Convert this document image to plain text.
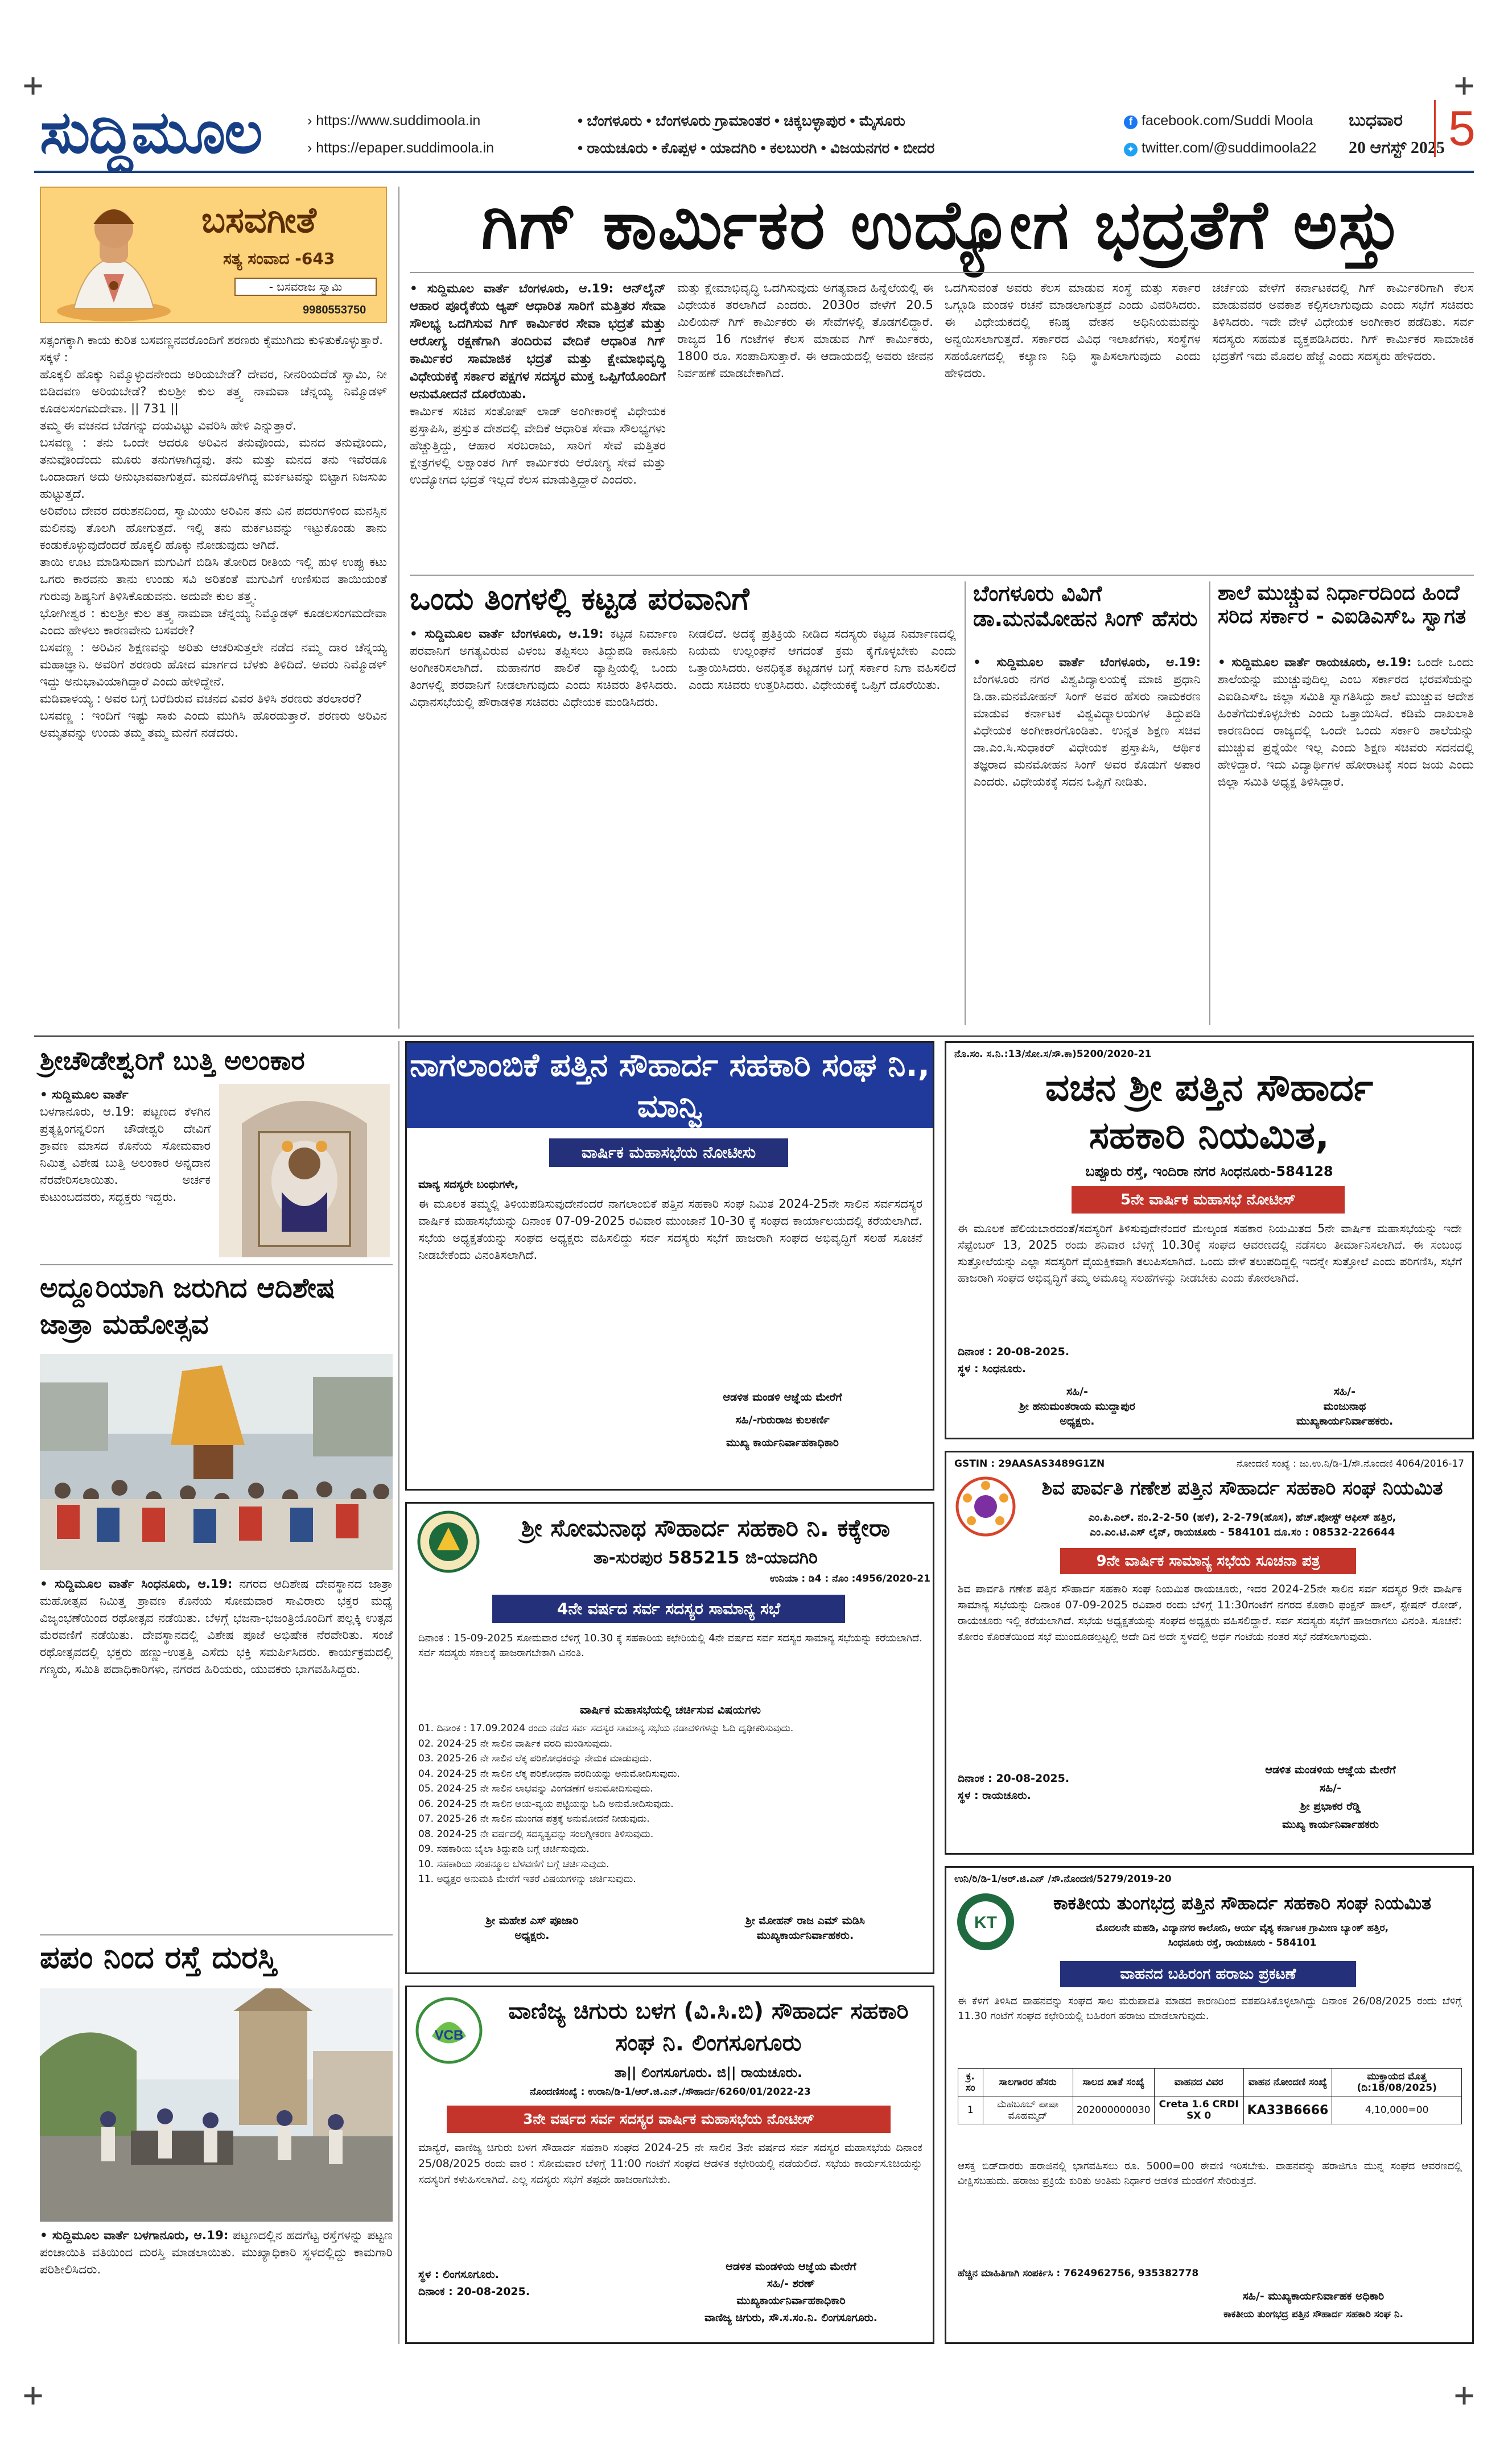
+	+
+	+
ಸುದ್ದಿಮೂಲ	› https://www.suddimoola.in
› https://epaper.suddimoola.in
• ಬೆಂಗಳೂರು • ಬೆಂಗಳೂರು ಗ್ರಾಮಾಂತರ • ಚಿಕ್ಕಬಳ್ಳಾಪುರ • ಮೈಸೂರು
• ರಾಯಚೂರು • ಕೊಪ್ಪಳ • ಯಾದಗಿರಿ • ಕಲಬುರಗಿ • ವಿಜಯನಗರ • ಬೀದರ
f facebook.com/Suddi Moola
✦ twitter.com/@suddimoola22
ಬುಧವಾರ
20 ಆಗಸ್ಟ್ 2025 5
ಬಸವಗೀತೆ
ಸತ್ಯ ಸಂವಾದ -643
- ಬಸವರಾಜ ಸ್ವಾಮಿ
9980553750
ಸತ್ಸಂಗಕ್ಕಾಗಿ ಕಾಯ ಕುರಿತ ಬಸವಣ್ಣನವರೊಂದಿಗೆ ಶರಣರು ಕೈಮುಗಿದು ಕುಳಿತುಕೊಳ್ಳುತ್ತಾರೆ.
ಸಕ್ಕಳೆ :
ಹೊಕ್ಕಲಿ ಹೊಕ್ಕು ನಿಮ್ಮೊಳ್ಳುದನೇಂದು ಅರಿಯಬೇಡೆ? ದೇವರ, ನೀನರಿಯದೆಡೆ ಸ್ವಾಮಿ, ನೀ ಬಿಡಿದವಣ ಅರಿಯಬೇಡೆ? ಕುಲಶ್ರೀ ಕುಲ ತತ್ತ್ವ ನಾಮವಾ ಚೆನ್ನಯ್ಯ ನಿಮ್ಮೊಡಳ್ ಕೂಡಲಸಂಗಮದೇವಾ. || 731 ||
ತಮ್ಮ ಈ ವಚನದ ಬೆಡಗನ್ನು ದಯವಿಟ್ಟು ವಿವರಿಸಿ ಹೇಳಿ ಎನ್ನುತ್ತಾರೆ.
ಬಸವಣ್ಣ : ತನು ಒಂದೇ ಆದರೂ ಅರಿವಿನ ತನುವೊಂದು, ಮನದ ತನುವೊಂದು, ತನುವೊಂದೆಂದು ಮೂರು ತನುಗಳಾಗಿದ್ದವು. ತನು ಮತ್ತು ಮನದ ತನು ಇವೆರಡೂ ಒಂದಾದಾಗ ಅದು ಅನುಭಾವವಾಗುತ್ತದೆ. ಮನದೊಳಗಿದ್ದ ಮರ್ಕಟವನ್ನು ಬಿಟ್ಟಾಗ ನಿಜಸುಖ ಹುಟ್ಟುತ್ತದೆ.
ಅರಿವೆಂಬ ದೇವರ ದರುಶನದಿಂದ, ಸ್ವಾಮಿಯು ಅರಿವಿನ ತನು ವಿನ ಪದರುಗಳಿಂದ ಮನಸ್ಸಿನ ಮಲಿನವು ತೊಲಗಿ ಹೋಗುತ್ತದೆ. ಇಲ್ಲಿ ತನು ಮರ್ಕಟವನ್ನು ಇಟ್ಟುಕೊಂಡು ತಾನು ಕಂಡುಕೊಳ್ಳುವುದೆಂದರೆ ಹೊಕ್ಕಲಿ ಹೊಕ್ಕು ನೋಡುವುದು ಆಗಿದೆ.
ತಾಯಿ ಊಟ ಮಾಡಿಸುವಾಗ ಮಗುವಿಗೆ ಬಿಡಿಸಿ ತೋರಿದ ರೀತಿಯ ಇಲ್ಲಿ ಹುಳ ಉಪ್ಪು ಕಟು ಒಗರು ಕಾರವನು ತಾನು ಉಂಡು ಸವಿ ಅರಿತಂತೆ ಮಗುವಿಗೆ ಉಣಿಸುವ ತಾಯಿಯಂತೆ ಗುರುವು ಶಿಷ್ಯನಿಗೆ ತಿಳಿಸಿಕೊಡುವನು. ಅದುವೇ ಕುಲ ತತ್ತ್ವ.
ಭೋಗೀಶ್ವರ : ಕುಲಶ್ರೀ ಕುಲ ತತ್ತ್ವ ನಾಮವಾ ಚೆನ್ನಯ್ಯ ನಿಮ್ಮೊಡಳ್ ಕೂಡಲಸಂಗಮದೇವಾ ಎಂದು ಹೇಳಲು ಕಾರಣವೇನು ಬಸವರೇ?
ಬಸವಣ್ಣ : ಅರಿವಿನ ಶಿಕ್ಷಣವನ್ನು ಅರಿತು ಆಚರಿಸುತ್ತಲೇ ನಡೆದ ನಮ್ಮ ದಾರ ಚೆನ್ನಯ್ಯ ಮಹಾಜ್ಞಾನಿ. ಅವರಿಗೆ ಶರಣರು ಹೋದ ಮಾರ್ಗದ ಬೆಳಕು ತಿಳಿದಿದೆ. ಅವರು ನಿಮ್ಮೊಡಳ್ ಇದ್ದು ಅನುಭಾವಿಯಾಗಿದ್ದಾರೆ ಎಂದು ಹೇಳಿದ್ದೇನೆ.
ಮಡಿವಾಳಯ್ಯ : ಅವರ ಬಗ್ಗೆ ಬರೆದಿರುವ ವಚನದ ವಿವರ ತಿಳಿಸಿ ಶರಣರು ತರಲಾರರೆ?
ಬಸವಣ್ಣ : ಇಂದಿಗೆ ಇಷ್ಟು ಸಾಕು ಎಂದು ಮುಗಿಸಿ ಹೊರಡುತ್ತಾರೆ. ಶರಣರು ಅರಿವಿನ ಅಮೃತವನ್ನು ಉಂಡು ತಮ್ಮ ತಮ್ಮ ಮನೆಗೆ ನಡೆದರು.
ಗಿಗ್ ಕಾರ್ಮಿಕರ ಉದ್ಯೋಗ ಭದ್ರತೆಗೆ ಅಸ್ತು
• ಸುದ್ದಿಮೂಲ ವಾರ್ತೆ ಬೆಂಗಳೂರು, ಆ.19: ಆನ್‌ಲೈನ್ ಆಹಾರ ಪೂರೈಕೆಯ ಆ್ಯಪ್ ಆಧಾರಿತ ಸಾರಿಗೆ ಮತ್ತಿತರ ಸೇವಾ ಸೌಲಭ್ಯ ಒದಗಿಸುವ ಗಿಗ್ ಕಾರ್ಮಿಕರ ಸೇವಾ ಭದ್ರತೆ ಮತ್ತು ಆರೋಗ್ಯ ರಕ್ಷಣೆಗಾಗಿ ತಂದಿರುವ ವೇದಿಕೆ ಆಧಾರಿತ ಗಿಗ್ ಕಾರ್ಮಿಕರ ಸಾಮಾಜಿಕ ಭದ್ರತೆ ಮತ್ತು ಕ್ಷೇಮಾಭಿವೃದ್ಧಿ ವಿಧೇಯಕಕ್ಕೆ ಸರ್ಕಾರ ಪಕ್ಷಗಳ ಸದಸ್ಯರ ಮುಕ್ತ ಒಪ್ಪಿಗೆಯೊಂದಿಗೆ ಅನುಮೋದನೆ ದೊರೆಯಿತು.
ಕಾರ್ಮಿಕ ಸಚಿವ ಸಂತೋಷ್ ಲಾಡ್ ಅಂಗೀಕಾರಕ್ಕೆ ವಿಧೇಯಕ ಪ್ರಸ್ತಾಪಿಸಿ, ಪ್ರಸ್ತುತ ದೇಶದಲ್ಲಿ ವೇದಿಕೆ ಆಧಾರಿತ ಸೇವಾ ಸೌಲಭ್ಯಗಳು ಹೆಚ್ಚುತ್ತಿದ್ದು, ಆಹಾರ ಸರಬರಾಜು, ಸಾರಿಗೆ ಸೇವೆ ಮತ್ತಿತರ ಕ್ಷೇತ್ರಗಳಲ್ಲಿ ಲಕ್ಷಾಂತರ ಗಿಗ್ ಕಾರ್ಮಿಕರು ಆರೋಗ್ಯ ಸೇವೆ ಮತ್ತು ಉದ್ಯೋಗದ ಭದ್ರತೆ ಇಲ್ಲದೆ ಕೆಲಸ ಮಾಡುತ್ತಿದ್ದಾರೆ ಎಂದರು.
ಮತ್ತು ಕ್ಷೇಮಾಭಿವೃದ್ಧಿ ಒದಗಿಸುವುದು ಅಗತ್ಯವಾದ ಹಿನ್ನೆಲೆಯಲ್ಲಿ ಈ ವಿಧೇಯಕ ತರಲಾಗಿದೆ ಎಂದರು. 2030ರ ವೇಳೆಗೆ 20.5 ಮಿಲಿಯನ್ ಗಿಗ್ ಕಾರ್ಮಿಕರು ಈ ಸೇವೆಗಳಲ್ಲಿ ತೊಡಗಲಿದ್ದಾರೆ. ರಾಜ್ಯದ 16 ಗಂಟೆಗಳ ಕೆಲಸ ಮಾಡುವ ಗಿಗ್ ಕಾರ್ಮಿಕರು, 1800 ರೂ. ಸಂಪಾದಿಸುತ್ತಾರೆ. ಈ ಆದಾಯದಲ್ಲಿ ಅವರು ಜೀವನ ನಿರ್ವಹಣೆ ಮಾಡಬೇಕಾಗಿದೆ.
ಒದಗಿಸುವಂತೆ ಅವರು ಕೆಲಸ ಮಾಡುವ ಸಂಸ್ಥೆ ಮತ್ತು ಸರ್ಕಾರ ಒಗ್ಗೂಡಿ ಮಂಡಳಿ ರಚನೆ ಮಾಡಲಾಗುತ್ತದೆ ಎಂದು ವಿವರಿಸಿದರು. ಈ ವಿಧೇಯಕದಲ್ಲಿ ಕನಿಷ್ಠ ವೇತನ ಅಧಿನಿಯಮವನ್ನು ಅನ್ವಯಿಸಲಾಗುತ್ತದೆ. ಸರ್ಕಾರದ ವಿವಿಧ ಇಲಾಖೆಗಳು, ಸಂಸ್ಥೆಗಳ ಸಹಯೋಗದಲ್ಲಿ ಕಲ್ಯಾಣ ನಿಧಿ ಸ್ಥಾಪಿಸಲಾಗುವುದು ಎಂದು ಹೇಳಿದರು.
ಚರ್ಚೆಯ ವೇಳೆಗೆ ಕರ್ನಾಟಕದಲ್ಲಿ ಗಿಗ್ ಕಾರ್ಮಿಕರಿಗಾಗಿ ಕೆಲಸ ಮಾಡುವವರ ಅವಕಾಶ ಕಲ್ಪಿಸಲಾಗುವುದು ಎಂದು ಸಭೆಗೆ ಸಚಿವರು ತಿಳಿಸಿದರು. ಇದೇ ವೇಳೆ ವಿಧೇಯಕ ಅಂಗೀಕಾರ ಪಡೆದಿತು. ಸರ್ವ ಸದಸ್ಯರು ಸಹಮತ ವ್ಯಕ್ತಪಡಿಸಿದರು. ಗಿಗ್ ಕಾರ್ಮಿಕರ ಸಾಮಾಜಿಕ ಭದ್ರತೆಗೆ ಇದು ಮೊದಲ ಹೆಜ್ಜೆ ಎಂದು ಸದಸ್ಯರು ಹೇಳಿದರು.
ಒಂದು ತಿಂಗಳಲ್ಲಿ ಕಟ್ಟಡ ಪರವಾನಿಗೆ
• ಸುದ್ದಿಮೂಲ ವಾರ್ತೆ ಬೆಂಗಳೂರು, ಆ.19: ಕಟ್ಟಡ ನಿರ್ಮಾಣ ಪರವಾನಿಗೆ ಅಗತ್ಯವಿರುವ ವಿಳಂಬ ತಪ್ಪಿಸಲು ತಿದ್ದುಪಡಿ ಕಾನೂನು ಅಂಗೀಕರಿಸಲಾಗಿದೆ. ಮಹಾನಗರ ಪಾಲಿಕೆ ವ್ಯಾಪ್ತಿಯಲ್ಲಿ ಒಂದು ತಿಂಗಳಲ್ಲಿ ಪರವಾನಿಗೆ ನೀಡಲಾಗುವುದು ಎಂದು ಸಚಿವರು ತಿಳಿಸಿದರು. ವಿಧಾನಸಭೆಯಲ್ಲಿ ಪೌರಾಡಳಿತ ಸಚಿವರು ವಿಧೇಯಕ ಮಂಡಿಸಿದರು.
ನೀಡಲಿದೆ. ಅದಕ್ಕೆ ಪ್ರತಿಕ್ರಿಯೆ ನೀಡಿದ ಸದಸ್ಯರು ಕಟ್ಟಡ ನಿರ್ಮಾಣದಲ್ಲಿ ನಿಯಮ ಉಲ್ಲಂಘನೆ ಆಗದಂತೆ ಕ್ರಮ ಕೈಗೊಳ್ಳಬೇಕು ಎಂದು ಒತ್ತಾಯಿಸಿದರು. ಅನಧಿಕೃತ ಕಟ್ಟಡಗಳ ಬಗ್ಗೆ ಸರ್ಕಾರ ನಿಗಾ ವಹಿಸಲಿದೆ ಎಂದು ಸಚಿವರು ಉತ್ತರಿಸಿದರು. ವಿಧೇಯಕಕ್ಕೆ ಒಪ್ಪಿಗೆ ದೊರೆಯಿತು.
ಬೆಂಗಳೂರು ವಿವಿಗೆ ಡಾ.ಮನಮೋಹನ ಸಿಂಗ್ ಹೆಸರು
• ಸುದ್ದಿಮೂಲ ವಾರ್ತೆ ಬೆಂಗಳೂರು, ಆ.19: ಬೆಂಗಳೂರು ನಗರ ವಿಶ್ವವಿದ್ಯಾಲಯಕ್ಕೆ ಮಾಜಿ ಪ್ರಧಾನಿ ಡಿ.ಡಾ.ಮನಮೋಹನ್ ಸಿಂಗ್ ಅವರ ಹೆಸರು ನಾಮಕರಣ ಮಾಡುವ ಕರ್ನಾಟಕ ವಿಶ್ವವಿದ್ಯಾಲಯಗಳ ತಿದ್ದುಪಡಿ ವಿಧೇಯಕ ಅಂಗೀಕಾರಗೊಂಡಿತು. ಉನ್ನತ ಶಿಕ್ಷಣ ಸಚಿವ ಡಾ.ಎಂ.ಸಿ.ಸುಧಾಕರ್ ವಿಧೇಯಕ ಪ್ರಸ್ತಾಪಿಸಿ, ಆರ್ಥಿಕ ತಜ್ಞರಾದ ಮನಮೋಹನ ಸಿಂಗ್ ಅವರ ಕೊಡುಗೆ ಅಪಾರ ಎಂದರು. ವಿಧೇಯಕಕ್ಕೆ ಸದನ ಒಪ್ಪಿಗೆ ನೀಡಿತು.
ಶಾಲೆ ಮುಚ್ಚುವ ನಿರ್ಧಾರದಿಂದ ಹಿಂದೆ ಸರಿದ ಸರ್ಕಾರ - ಎಐಡಿಎಸ್ಒ ಸ್ವಾಗತ
• ಸುದ್ದಿಮೂಲ ವಾರ್ತೆ ರಾಯಚೂರು, ಆ.19: ಒಂದೇ ಒಂದು ಶಾಲೆಯನ್ನು ಮುಚ್ಚುವುದಿಲ್ಲ ಎಂಬ ಸರ್ಕಾರದ ಭರವಸೆಯನ್ನು ಎಐಡಿಎಸ್ಒ ಜಿಲ್ಲಾ ಸಮಿತಿ ಸ್ವಾಗತಿಸಿದ್ದು ಶಾಲೆ ಮುಚ್ಚುವ ಆದೇಶ ಹಿಂತೆಗೆದುಕೊಳ್ಳಬೇಕು ಎಂದು ಒತ್ತಾಯಿಸಿದೆ. ಕಡಿಮೆ ದಾಖಲಾತಿ ಕಾರಣದಿಂದ ರಾಜ್ಯದಲ್ಲಿ ಒಂದೇ ಒಂದು ಸರ್ಕಾರಿ ಶಾಲೆಯನ್ನು ಮುಚ್ಚುವ ಪ್ರಶ್ನೆಯೇ ಇಲ್ಲ ಎಂದು ಶಿಕ್ಷಣ ಸಚಿವರು ಸದನದಲ್ಲಿ ಹೇಳಿದ್ದಾರೆ. ಇದು ವಿದ್ಯಾರ್ಥಿಗಳ ಹೋರಾಟಕ್ಕೆ ಸಂದ ಜಯ ಎಂದು ಜಿಲ್ಲಾ ಸಮಿತಿ ಅಧ್ಯಕ್ಷ ತಿಳಿಸಿದ್ದಾರೆ.
ಶ್ರೀಚೌಡೇಶ್ವರಿಗೆ ಬುತ್ತಿ ಅಲಂಕಾರ
• ಸುದ್ದಿಮೂಲ ವಾರ್ತೆ
ಬಳಗಾನೂರು, ಆ.19: ಪಟ್ಟಣದ ಕೆಳಗಿನ ಪ್ರತ್ಯಕ್ಷಿಂಗನ್ನಲಿಂಗ ಚೌಡೇಶ್ವರಿ ದೇವಿಗೆ ಶ್ರಾವಣ ಮಾಸದ ಕೊನೆಯ ಸೋಮವಾರ ನಿಮಿತ್ತ ವಿಶೇಷ ಬುತ್ತಿ ಅಲಂಕಾರ ಅನ್ನದಾನ ನೆರವೇರಿಸಲಾಯಿತು. ಅರ್ಚಕ ಕುಟುಂಬದವರು, ಸದ್ಭಕ್ತರು ಇದ್ದರು.
ಅದ್ದೂರಿಯಾಗಿ ಜರುಗಿದ ಆದಿಶೇಷ ಜಾತ್ರಾ ಮಹೋತ್ಸವ
• ಸುದ್ದಿಮೂಲ ವಾರ್ತೆ ಸಿಂಧನೂರು, ಆ.19: ನಗರದ ಆದಿಶೇಷ ದೇವಸ್ಥಾನದ ಜಾತ್ರಾ ಮಹೋತ್ಸವ ನಿಮಿತ್ತ ಶ್ರಾವಣ ಕೊನೆಯ ಸೋಮವಾರ ಸಾವಿರಾರು ಭಕ್ತರ ಮಧ್ಯೆ ವಿಜೃಂಭಣೆಯಿಂದ ರಥೋತ್ಸವ ನಡೆಯಿತು. ಬೆಳಗ್ಗೆ ಭಜನಾ-ಭಜಂತ್ರಿಯೊಂದಿಗೆ ಪಲ್ಲಕ್ಕಿ ಉತ್ಸವ ಮೆರವಣಿಗೆ ನಡೆಯಿತು. ದೇವಸ್ಥಾನದಲ್ಲಿ ವಿಶೇಷ ಪೂಜೆ ಅಭಿಷೇಕ ನೆರವೇರಿತು. ಸಂಜೆ ರಥೋತ್ಸವದಲ್ಲಿ ಭಕ್ತರು ಹಣ್ಣು-ಉತ್ತತ್ತಿ ಎಸೆದು ಭಕ್ತಿ ಸಮರ್ಪಿಸಿದರು. ಕಾರ್ಯಕ್ರಮದಲ್ಲಿ ಗಣ್ಯರು, ಸಮಿತಿ ಪದಾಧಿಕಾರಿಗಳು, ನಗರದ ಹಿರಿಯರು, ಯುವಕರು ಭಾಗವಹಿಸಿದ್ದರು.
ಪಪಂ ನಿಂದ ರಸ್ತೆ ದುರಸ್ತಿ
• ಸುದ್ದಿಮೂಲ ವಾರ್ತೆ ಬಳಗಾನೂರು, ಆ.19: ಪಟ್ಟಣದಲ್ಲಿನ ಹದಗೆಟ್ಟ ರಸ್ತೆಗಳನ್ನು ಪಟ್ಟಣ ಪಂಚಾಯಿತಿ ವತಿಯಿಂದ ದುರಸ್ತಿ ಮಾಡಲಾಯಿತು. ಮುಖ್ಯಾಧಿಕಾರಿ ಸ್ಥಳದಲ್ಲಿದ್ದು ಕಾಮಗಾರಿ ಪರಿಶೀಲಿಸಿದರು.
ನಾಗಲಾಂಬಿಕೆ ಪತ್ತಿನ ಸೌಹಾರ್ದ ಸಹಕಾರಿ ಸಂಘ ನಿ., ಮಾನ್ವಿ
ವಾರ್ಷಿಕ ಮಹಾಸಭೆಯ ನೋಟೀಸು
ಮಾನ್ಯ ಸದಸ್ಯರೇ ಬಂಧುಗಳೇ,
ಈ ಮೂಲಕ ತಮ್ಮಲ್ಲಿ ತಿಳಿಯಪಡಿಸುವುದೇನೆಂದರೆ ನಾಗಲಾಂಬಿಕೆ ಪತ್ತಿನ ಸಹಕಾರಿ ಸಂಘ ನಿಮಿತ 2024-25ನೇ ಸಾಲಿನ ಸರ್ವಸದಸ್ಯರ ವಾರ್ಷಿಕ ಮಹಾಸಭೆಯನ್ನು ದಿನಾಂಕ 07-09-2025 ರವಿವಾರ ಮುಂಜಾನೆ 10-30 ಕ್ಕೆ ಸಂಘದ ಕಾರ್ಯಾಲಯದಲ್ಲಿ ಕರೆಯಲಾಗಿದೆ. ಸಭೆಯ ಅಧ್ಯಕ್ಷತೆಯನ್ನು ಸಂಘದ ಅಧ್ಯಕ್ಷರು ವಹಿಸಲಿದ್ದು ಸರ್ವ ಸದಸ್ಯರು ಸಭೆಗೆ ಹಾಜರಾಗಿ ಸಂಘದ ಅಭಿವೃದ್ಧಿಗೆ ಸಲಹೆ ಸೂಚನೆ ನೀಡಬೇಕೆಂದು ವಿನಂತಿಸಲಾಗಿದೆ.
ಆಡಳಿತ ಮಂಡಳಿ ಆಜ್ಞೆಯ ಮೇರೆಗೆ
ಸಹಿ/-ಗುರುರಾಜ ಕುಲಕರ್ಣಿ
ಮುಖ್ಯ ಕಾರ್ಯನಿರ್ವಾಹಕಾಧಿಕಾರಿ
ಶ್ರೀ ಸೋಮನಾಥ ಸೌಹಾರ್ದ ಸಹಕಾರಿ ನಿ. ಕಕ್ಕೇರಾ
ತಾ-ಸುರಪುರ 585215 ಜಿ-ಯಾದಗಿರಿ
ಉನಿಯಾ : ಡಿ4 : ನೊಂ :4956/2020-21
4ನೇ ವರ್ಷದ ಸರ್ವ ಸದಸ್ಯರ ಸಾಮಾನ್ಯ ಸಭೆ
ದಿನಾಂಕ : 15-09-2025 ಸೋಮವಾರ ಬೆಳಿಗ್ಗೆ 10.30 ಕ್ಕೆ ಸಹಕಾರಿಯ ಕಛೇರಿಯಲ್ಲಿ 4ನೇ ವರ್ಷದ ಸರ್ವ ಸದಸ್ಯರ ಸಾಮಾನ್ಯ ಸಭೆಯನ್ನು ಕರೆಯಲಾಗಿದೆ. ಸರ್ವ ಸದಸ್ಯರು ಸಕಾಲಕ್ಕೆ ಹಾಜರಾಗಬೇಕಾಗಿ ವಿನಂತಿ.
ವಾರ್ಷಿಕ ಮಹಾಸಭೆಯಲ್ಲಿ ಚರ್ಚಿಸುವ ವಿಷಯಗಳು
01. ದಿನಾಂಕ : 17.09.2024 ರಂದು ನಡೆದ ಸರ್ವ ಸದಸ್ಯರ ಸಾಮಾನ್ಯ ಸಭೆಯ ನಡಾವಳಿಗಳನ್ನು ಓದಿ ದೃಢೀಕರಿಸುವುದು.
02. 2024-25 ನೇ ಸಾಲಿನ ವಾರ್ಷಿಕ ವರದಿ ಮಂಡಿಸುವುದು.
03. 2025-26 ನೇ ಸಾಲಿನ ಲೆಕ್ಕ ಪರಿಶೋಧಕರನ್ನು ನೇಮಕ ಮಾಡುವುದು.
04. 2024-25 ನೇ ಸಾಲಿನ ಲೆಕ್ಕ ಪರಿಶೋಧನಾ ವರದಿಯನ್ನು ಅನುಮೋದಿಸುವುದು.
05. 2024-25 ನೇ ಸಾಲಿನ ಲಾಭವನ್ನು ವಿಂಗಡಣೆಗೆ ಅನುಮೋದಿಸುವುದು.
06. 2024-25 ನೇ ಸಾಲಿನ ಆಯ-ವ್ಯಯ ಪಟ್ಟಿಯನ್ನು ಓದಿ ಅನುಮೋದಿಸುವುದು.
07. 2025-26 ನೇ ಸಾಲಿನ ಮುಂಗಡ ಪತ್ರಕ್ಕೆ ಅನುಮೋದನೆ ನೀಡುವುದು.
08. 2024-25 ನೇ ವರ್ಷದಲ್ಲಿ ಸದಸ್ಯತ್ವವನ್ನು ಸಂಲಗ್ನೀಕರಣ ತಿಳಿಸುವುದು.
09. ಸಹಕಾರಿಯ ಬೈಲಾ ತಿದ್ದುಪಡಿ ಬಗ್ಗೆ ಚರ್ಚಿಸುವುದು.
10. ಸಹಕಾರಿಯ ಸಂಪನ್ಮೂಲ ಬೆಳವಣಿಗೆ ಬಗ್ಗೆ ಚರ್ಚಿಸುವುದು.
11. ಅಧ್ಯಕ್ಷರ ಅನುಮತಿ ಮೇರೆಗೆ ಇತರೆ ವಿಷಯಗಳನ್ನು ಚರ್ಚಿಸುವುದು.
ಶ್ರೀ ಮಹೇಶ ಎಸ್ ಪೂಜಾರಿ
ಅಧ್ಯಕ್ಷರು.
ಶ್ರೀ ಮೋಹನ್ ರಾಜ ಎಮ್ ಮಡಿಸಿ
ಮುಖ್ಯಕಾರ್ಯನಿರ್ವಾಹಕರು.
VCB
ವಾಣಿಜ್ಯ ಚಿಗುರು ಬಳಗ (ವಿ.ಸಿ.ಬಿ) ಸೌಹಾರ್ದ ಸಹಕಾರಿ ಸಂಘ ನಿ. ಲಿಂಗಸೂಗೂರು
ತಾ|| ಲಿಂಗಸೂಗೂರು. ಜಿ|| ರಾಯಚೂರು.
ನೊಂದಣಿಸಂಖ್ಯೆ : ಉರಾನಿ/ಡಿ-1/ಆರ್.ಜಿ.ಎನ್./ಸೌಹಾರ್ದ/6260/01/2022-23
3ನೇ ವರ್ಷದ ಸರ್ವ ಸದಸ್ಯರ ವಾರ್ಷಿಕ ಮಹಾಸಭೆಯ ನೋಟೀಸ್
ಮಾನ್ಯರೆ, ವಾಣಿಜ್ಯ ಚಿಗುರು ಬಳಗ ಸೌಹಾರ್ದ ಸಹಕಾರಿ ಸಂಘದ 2024-25 ನೇ ಸಾಲಿನ 3ನೇ ವರ್ಷದ ಸರ್ವ ಸದಸ್ಯರ ಮಹಾಸಭೆಯ ದಿನಾಂಕ 25/08/2025 ರಂದು ವಾರ : ಸೋಮವಾರ ಬೆಳಿಗ್ಗೆ 11:00 ಗಂಟೆಗೆ ಸಂಘದ ಆಡಳಿತ ಕಛೇರಿಯಲ್ಲಿ ನಡೆಯಲಿದೆ. ಸಭೆಯ ಕಾರ್ಯಸೂಚಿಯನ್ನು ಸದಸ್ಯರಿಗೆ ಕಳುಹಿಸಲಾಗಿದೆ. ಎಲ್ಲ ಸದಸ್ಯರು ಸಭೆಗೆ ತಪ್ಪದೇ ಹಾಜರಾಗಬೇಕು.
ಸ್ಥಳ : ಲಿಂಗಸೂಗೂರು.
ದಿನಾಂಕ : 20-08-2025.
ಆಡಳಿತ ಮಂಡಳಿಯ ಆಜ್ಞೆಯ ಮೇರೆಗೆ
ಸಹಿ/- ಶರಣ್
ಮುಖ್ಯಕಾರ್ಯನಿರ್ವಾಹಕಾಧಿಕಾರಿ
ವಾಣಿಜ್ಯ ಚಿಗುರು, ಸೌ.ಸ.ಸಂ.ನಿ. ಲಿಂಗಸೂಗೂರು.
ನೊ.ಸಂ. ಸ.ನಿ.:13/ಸೋ.ಸ/ಸೌ.ಕಾ)5200/2020-21
ವಚನ ಶ್ರೀ ಪತ್ತಿನ ಸೌಹಾರ್ದ
ಸಹಕಾರಿ ನಿಯಮಿತ,
ಬಪ್ಪೂರು ರಸ್ತೆ, ಇಂದಿರಾ ನಗರ ಸಿಂಧನೂರು-584128
5ನೇ ವಾರ್ಷಿಕ ಮಹಾಸಭೆ ನೋಟೀಸ್
ಈ ಮೂಲಕ ಹೆಲಿಯಬಾರದಂತೆ/ಸದಸ್ಯರಿಗೆ ತಿಳಿಸುವುದೇನೆಂದರೆ ಮೇಲ್ಕಂಡ ಸಹಕಾರ ನಿಯಮಿತದ 5ನೇ ವಾರ್ಷಿಕ ಮಹಾಸಭೆಯನ್ನು ಇದೇ ಸೆಪ್ಟೆಂಬರ್ 13, 2025 ರಂದು ಶನಿವಾರ ಬೆಳಿಗ್ಗೆ 10.30ಕ್ಕೆ ಸಂಘದ ಆವರಣದಲ್ಲಿ ನಡೆಸಲು ತೀರ್ಮಾನಿಸಲಾಗಿದೆ. ಈ ಸಂಬಂಧ ಸುತ್ತೋಲೆಯನ್ನು ಎಲ್ಲಾ ಸದಸ್ಯರಿಗೆ ವೈಯಕ್ತಿಕವಾಗಿ ತಲುಪಿಸಲಾಗಿದೆ. ಒಂದು ವೇಳೆ ತಲುಪದಿದ್ದಲ್ಲಿ ಇದನ್ನೇ ಸುತ್ತೋಲೆ ಎಂದು ಪರಿಗಣಿಸಿ, ಸಭೆಗೆ ಹಾಜರಾಗಿ ಸಂಘದ ಅಭಿವೃದ್ಧಿಗೆ ತಮ್ಮ ಅಮೂಲ್ಯ ಸಲಹೆಗಳನ್ನು ನೀಡಬೇಕು ಎಂದು ಕೋರಲಾಗಿದೆ.
ದಿನಾಂಕ : 20-08-2025.
ಸ್ಥಳ : ಸಿಂಧನೂರು.
ಸಹಿ/-
ಶ್ರೀ ಹನುಮಂತರಾಯ ಮುದ್ದಾಪುರ
ಅಧ್ಯಕ್ಷರು.
ಸಹಿ/-
ಮಂಜುನಾಥ
ಮುಖ್ಯಕಾರ್ಯನಿರ್ವಾಹಕರು.
GSTIN : 29AASAS3489G1ZN	ನೋಂದಣಿ ಸಂಖ್ಯೆ : ಜು.ಉ.ನಿ/ಡಿ-1/ಸೌ.ನೊಂದಣಿ 4064/2016-17
ಶಿವ ಪಾರ್ವತಿ ಗಣೇಶ ಪತ್ತಿನ ಸೌಹಾರ್ದ ಸಹಕಾರಿ ಸಂಘ ನಿಯಮಿತ
ಎಂ.ಪಿ.ಎಲ್. ನಂ.2-2-50 (ಹಳೆ), 2-2-79(ಹೊಸ), ಹೆಚ್.ಪೋಸ್ಟ್ ಆಫೀಸ್ ಹತ್ತಿರ,
ಎಂ.ಎಂ.ಟಿ.ಎಸ್ ಲೈನ್, ರಾಯಚೂರು - 584101 ದೂ.ಸಂ : 08532-226644
9ನೇ ವಾರ್ಷಿಕ ಸಾಮಾನ್ಯ ಸಭೆಯ ಸೂಚನಾ ಪತ್ರ
ಶಿವ ಪಾರ್ವತಿ ಗಣೇಶ ಪತ್ತಿನ ಸೌಹಾರ್ದ ಸಹಕಾರಿ ಸಂಘ ನಿಯಮಿತ ರಾಯಚೂರು, ಇದರ 2024-25ನೇ ಸಾಲಿನ ಸರ್ವ ಸದಸ್ಯರ 9ನೇ ವಾರ್ಷಿಕ ಸಾಮಾನ್ಯ ಸಭೆಯನ್ನು ದಿನಾಂಕ 07-09-2025 ರವಿವಾರ ರಂದು ಬೆಳಿಗ್ಗೆ 11:30ಗಂಟೆಗೆ ನಗರದ ಕೊಠಾರಿ ಫಂಕ್ಷನ್ ಹಾಲ್, ಸ್ಟೇಷನ್ ರೋಡ್, ರಾಯಚೂರು ಇಲ್ಲಿ ಕರೆಯಲಾಗಿದೆ. ಸಭೆಯ ಅಧ್ಯಕ್ಷತೆಯನ್ನು ಸಂಘದ ಅಧ್ಯಕ್ಷರು ವಹಿಸಲಿದ್ದಾರೆ. ಸರ್ವ ಸದಸ್ಯರು ಸಭೆಗೆ ಹಾಜರಾಗಲು ವಿನಂತಿ. ಸೂಚನೆ: ಕೋರಂ ಕೊರತೆಯಿಂದ ಸಭೆ ಮುಂದೂಡಲ್ಪಟ್ಟಲ್ಲಿ ಅದೇ ದಿನ ಅದೇ ಸ್ಥಳದಲ್ಲಿ ಅರ್ಧ ಗಂಟೆಯ ನಂತರ ಸಭೆ ನಡೆಸಲಾಗುವುದು.
ದಿನಾಂಕ : 20-08-2025.
ಸ್ಥಳ : ರಾಯಚೂರು.
ಆಡಳಿತ ಮಂಡಳಿಯ ಆಜ್ಞೆಯ ಮೇರೆಗೆ
ಸಹಿ/-
ಶ್ರೀ ಪ್ರಭಾಕರ ರೆಡ್ಡಿ
ಮುಖ್ಯ ಕಾರ್ಯನಿರ್ವಾಹಕರು
ಉನಿ/ರಿ/ಡಿ-1/ಆರ್.ಜಿ.ಎನ್ /ಸೌ.ನೊಂದಣಿ/5279/2019-20
KT
ಕಾಕತೀಯ ತುಂಗಭದ್ರ ಪತ್ತಿನ ಸೌಹಾರ್ದ ಸಹಕಾರಿ ಸಂಘ ನಿಯಮಿತ
ಮೊದಲನೇ ಮಹಡಿ, ವಿದ್ಯಾನಗರ ಕಾಲೋನಿ, ಆರ್ಯ ವೈಶ್ಯ ಕರ್ನಾಟಕ ಗ್ರಾಮೀಣ ಬ್ಯಾಂಕ್ ಹತ್ತಿರ,
ಸಿಂಧನೂರು ರಸ್ತೆ, ರಾಯಚೂರು - 584101
ವಾಹನದ ಬಹಿರಂಗ ಹರಾಜು ಪ್ರಕಟಣೆ
ಈ ಕೆಳಗೆ ತಿಳಿಸಿದ ವಾಹನವನ್ನು ಸಂಘದ ಸಾಲ ಮರುಪಾವತಿ ಮಾಡದ ಕಾರಣದಿಂದ ವಶಪಡಿಸಿಕೊಳ್ಳಲಾಗಿದ್ದು ದಿನಾಂಕ 26/08/2025 ರಂದು ಬೆಳಿಗ್ಗೆ 11.30 ಗಂಟೆಗೆ ಸಂಘದ ಕಛೇರಿಯಲ್ಲಿ ಬಹಿರಂಗ ಹರಾಜು ಮಾಡಲಾಗುವುದು.
ಕ್ರ. ಸಂ	ಸಾಲಗಾರರ ಹೆಸರು	ಸಾಲದ ಖಾತೆ ಸಂಖ್ಯೆ	ವಾಹನದ ವಿವರ	ವಾಹನ ನೋಂದಣಿ ಸಂಖ್ಯೆ	ಮುಕ್ತಾಯದ ಮೊತ್ತ (ದಿ:18/08/2025)
1	ಮೆಹಬೂಬ್ ಪಾಷಾ ಮೊಹಮ್ಮದ್	202000000030	Creta 1.6 CRDI SX 0	KA33B6666	4,10,000=00
ಆಸಕ್ತ ಬಿಡ್‌ದಾರರು ಹರಾಜಿನಲ್ಲಿ ಭಾಗವಹಿಸಲು ರೂ. 5000=00 ಠೇವಣಿ ಇರಿಸಬೇಕು. ವಾಹನವನ್ನು ಹರಾಜಿಗೂ ಮುನ್ನ ಸಂಘದ ಆವರಣದಲ್ಲಿ ವೀಕ್ಷಿಸಬಹುದು. ಹರಾಜು ಪ್ರಕ್ರಿಯೆ ಕುರಿತು ಅಂತಿಮ ನಿರ್ಧಾರ ಆಡಳಿತ ಮಂಡಳಿಗೆ ಸೇರಿರುತ್ತದೆ.
ಹೆಚ್ಚಿನ ಮಾಹಿತಿಗಾಗಿ ಸಂಪರ್ಕಿಸಿ : 7624962756, 935382778
ಸಹಿ/- ಮುಖ್ಯಕಾರ್ಯನಿರ್ವಾಹಕ ಅಧಿಕಾರಿ
ಕಾಕತೀಯ ತುಂಗಭದ್ರ ಪತ್ತಿನ ಸೌಹಾರ್ದ ಸಹಕಾರಿ ಸಂಘ ನಿ.
